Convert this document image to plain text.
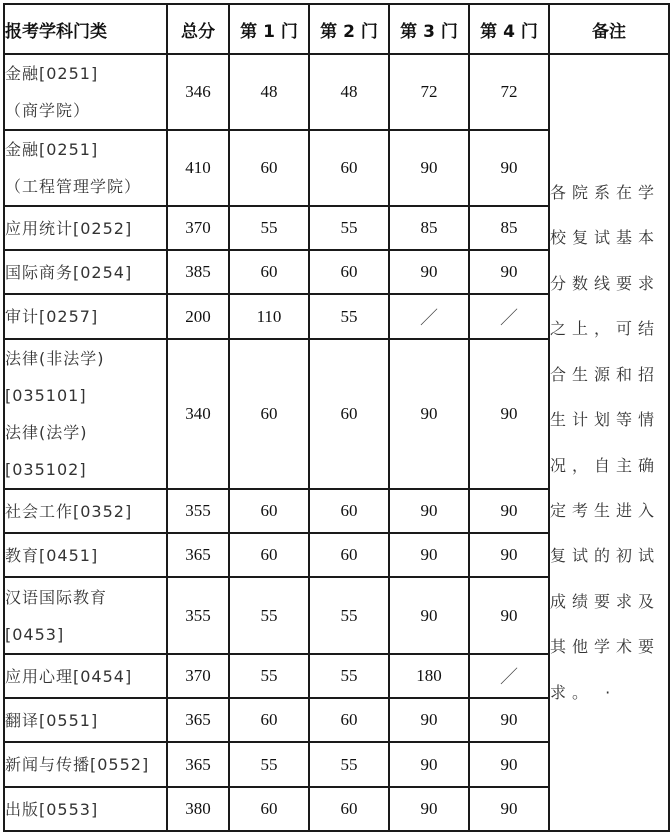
报考学科门类	总分	第 1 门	第 2 门	第 3 门	第 4 门	备注

金融[0251]
（商学院）
	346	48	48	72	72	
各院系在学
校复试基本
分数线要求
之上，可结
合生源和招
生计划等情
况，自主确
定考生进入
复试的初试
成绩要求及
其他学术要
求。 ·

金融[0251]
（工程管理学院）	410	60	60	90	90	

应用统计[0252]	370	55	55	85	85	

国际商务[0254]	385	60	60	90	90	

审计[0257]	200	110	55	／	／	

法律(非法学)
[035101]
法律(法学)
[035102]	340	60	60	90	90	

社会工作[0352]	355	60	60	90	90	

教育[0451]	365	60	60	90	90	

汉语国际教育
[0453]	355	55	55	90	90	

应用心理[0454]	370	55	55	180	／	

翻译[0551]	365	60	60	90	90	

新闻与传播[0552]	365	55	55	90	90	

出版[0553]	380	60	60	90	90	
